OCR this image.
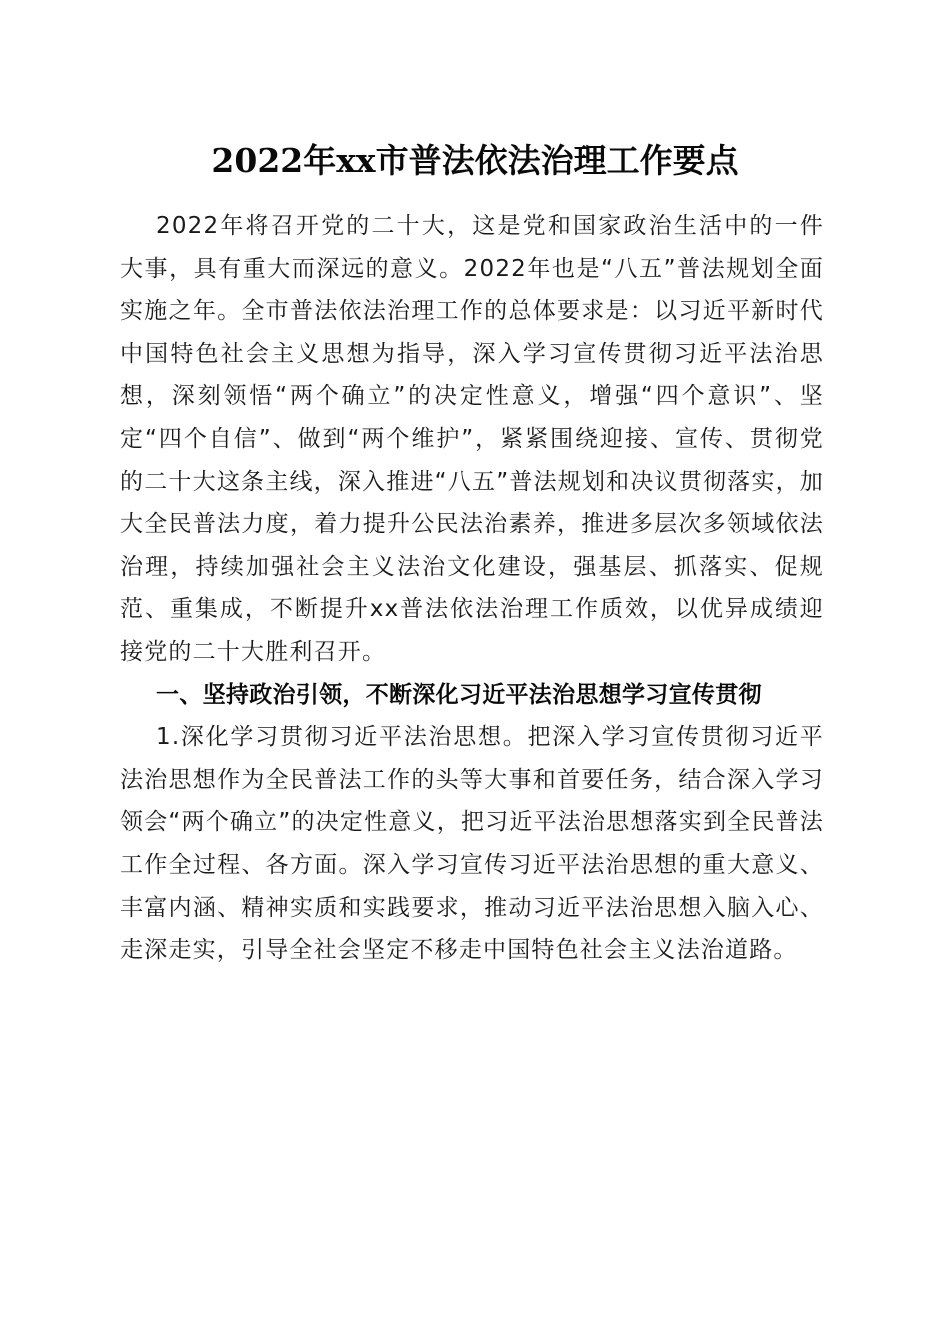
2022年xx市普法依法治理工作要点

2022年将召开党的二十大，这是党和国家政治生活中的一件大事，具有重大而深远的意义。2022年也是“八五”普法规划全面实施之年。全市普法依法治理工作的总体要求是：以习近平新时代中国特色社会主义思想为指导，深入学习宣传贯彻习近平法治思想，深刻领悟“两个确立”的决定性意义，增强“四个意识”、坚定“四个自信”、做到“两个维护”，紧紧围绕迎接、宣传、贯彻党的二十大这条主线，深入推进“八五”普法规划和决议贯彻落实，加大全民普法力度，着力提升公民法治素养，推进多层次多领域依法治理，持续加强社会主义法治文化建设，强基层、抓落实、促规范、重集成，不断提升xx普法依法治理工作质效，以优异成绩迎接党的二十大胜利召开。

一、坚持政治引领，不断深化习近平法治思想学习宣传贯彻

1.深化学习贯彻习近平法治思想。把深入学习宣传贯彻习近平法治思想作为全民普法工作的头等大事和首要任务，结合深入学习领会“两个确立”的决定性意义，把习近平法治思想落实到全民普法工作全过程、各方面。深入学习宣传习近平法治思想的重大意义、丰富内涵、精神实质和实践要求，推动习近平法治思想入脑入心、走深走实，引导全社会坚定不移走中国特色社会主义法治道路。
